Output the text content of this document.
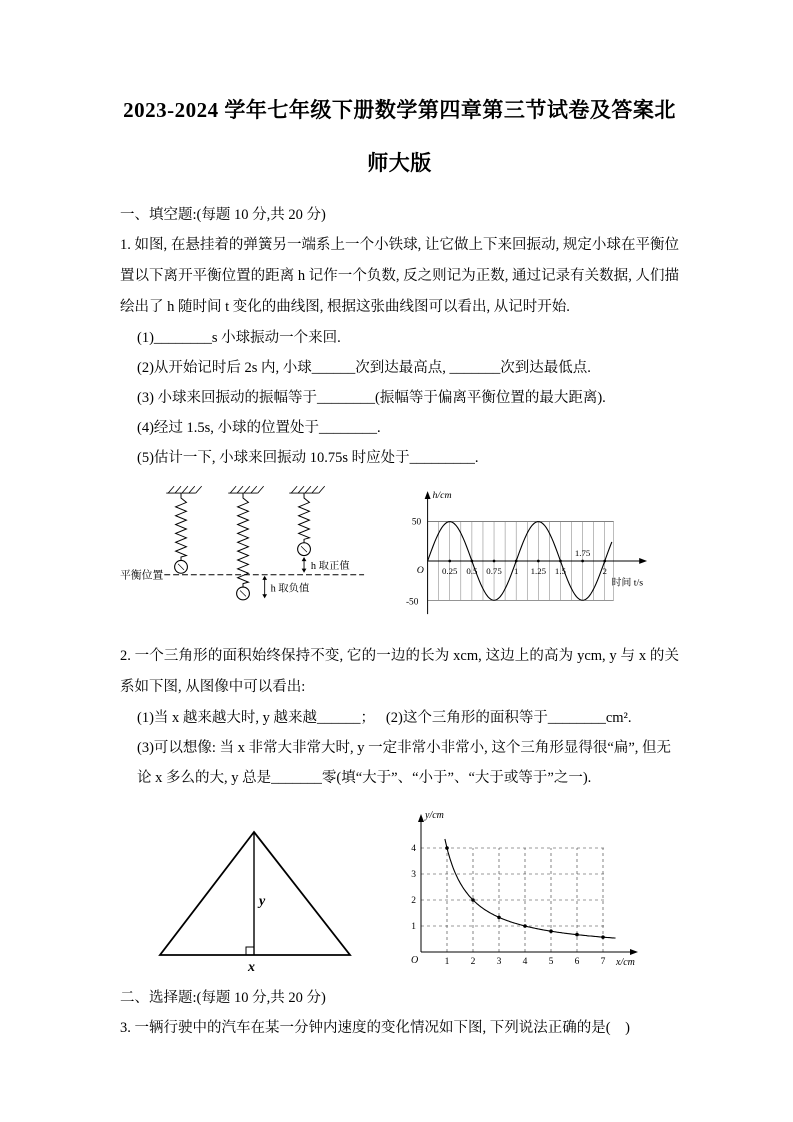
2023-2024 学年七年级下册数学第四章第三节试卷及答案北师大版

一、填空题:(每题 10 分,共 20 分)

1. 如图, 在悬挂着的弹簧另一端系上一个小铁球, 让它做上下来回振动, 规定小球在平衡位置以下离开平衡位置的距离 h 记作一个负数, 反之则记为正数, 通过记录有关数据, 人们描绘出了 h 随时间 t 变化的曲线图, 根据这张曲线图可以看出, 从记时开始.

(1)________s 小球振动一个来回.

(2)从开始记时后 2s 内, 小球______次到达最高点, _______次到达最低点.

(3) 小球来回振动的振幅等于________(振幅等于偏离平衡位置的最大距离).

(4)经过 1.5s, 小球的位置处于________.

(5)估计一下, 小球来回振动 10.75s 时应处于_________.

平衡位置
h 取正值
h 取负值
0.25 0.5 0.75 1 1.25 1.5
1.75
2
h/cm
50
-50
O
时间 t/s

2. 一个三角形的面积始终保持不变, 它的一边的长为 xcm, 这边上的高为 ycm, y 与 x 的关系如下图, 从图像中可以看出:

(1)当 x 越来越大时, y 越来越______；   (2)这个三角形的面积等于________cm².

(3)可以想像: 当 x 非常大非常大时, y 一定非常小非常小, 这个三角形显得很“扁”, 但无论 x 多么的大, y 总是_______零(填“大于”、“小于”、“大于或等于”之一).

y
x
1
2
3
4
1 2 3 4 5 6 7
y/cm
O	x/cm

二、选择题:(每题 10 分,共 20 分)

3. 一辆行驶中的汽车在某一分钟内速度的变化情况如下图, 下列说法正确的是(　)
